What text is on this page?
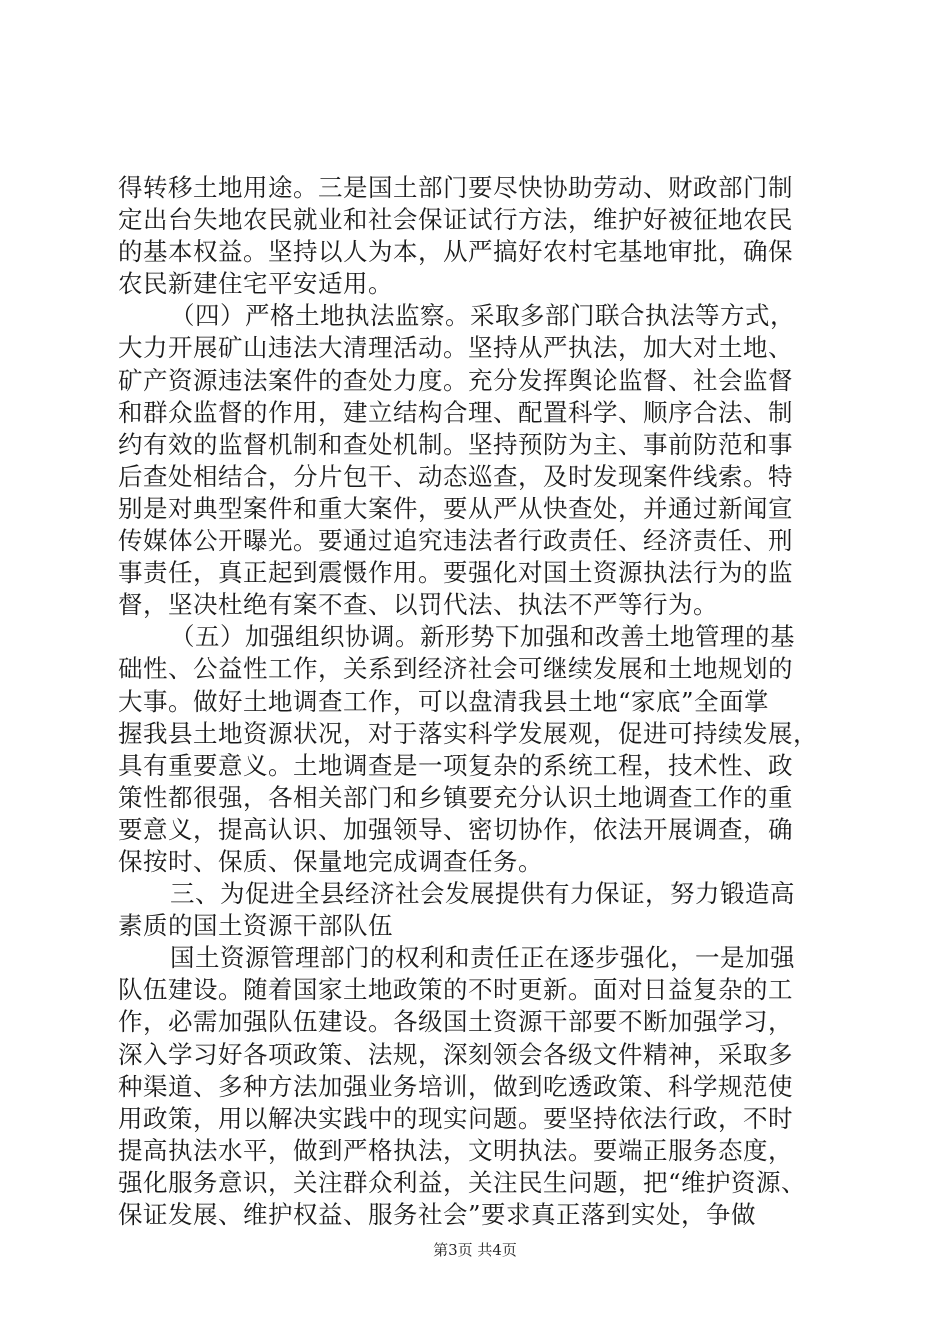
得转移土地用途。三是国土部门要尽快协助劳动、财政部门制
定出台失地农民就业和社会保证试行方法，维护好被征地农民
的基本权益。坚持以人为本，从严搞好农村宅基地审批，确保
农民新建住宅平安适用。
（四）严格土地执法监察。采取多部门联合执法等方式，
大力开展矿山违法大清理活动。坚持从严执法，加大对土地、
矿产资源违法案件的查处力度。充分发挥舆论监督、社会监督
和群众监督的作用，建立结构合理、配置科学、顺序合法、制
约有效的监督机制和查处机制。坚持预防为主、事前防范和事
后查处相结合，分片包干、动态巡查，及时发现案件线索。特
别是对典型案件和重大案件，要从严从快查处，并通过新闻宣
传媒体公开曝光。要通过追究违法者行政责任、经济责任、刑
事责任，真正起到震慑作用。要强化对国土资源执法行为的监
督，坚决杜绝有案不查、以罚代法、执法不严等行为。
（五）加强组织协调。新形势下加强和改善土地管理的基
础性、公益性工作，关系到经济社会可继续发展和土地规划的
大事。做好土地调查工作，可以盘清我县土地“家底”全面掌
握我县土地资源状况，对于落实科学发展观，促进可持续发展，
具有重要意义。土地调查是一项复杂的系统工程，技术性、政
策性都很强，各相关部门和乡镇要充分认识土地调查工作的重
要意义，提高认识、加强领导、密切协作，依法开展调查，确
保按时、保质、保量地完成调查任务。
三、为促进全县经济社会发展提供有力保证，努力锻造高
素质的国土资源干部队伍
国土资源管理部门的权利和责任正在逐步强化，一是加强
队伍建设。随着国家土地政策的不时更新。面对日益复杂的工
作，必需加强队伍建设。各级国土资源干部要不断加强学习，
深入学习好各项政策、法规，深刻领会各级文件精神，采取多
种渠道、多种方法加强业务培训，做到吃透政策、科学规范使
用政策，用以解决实践中的现实问题。要坚持依法行政，不时
提高执法水平，做到严格执法，文明执法。要端正服务态度，
强化服务意识，关注群众利益，关注民生问题，把“维护资源、
保证发展、维护权益、服务社会”要求真正落到实处，争做
第3页 共4页
